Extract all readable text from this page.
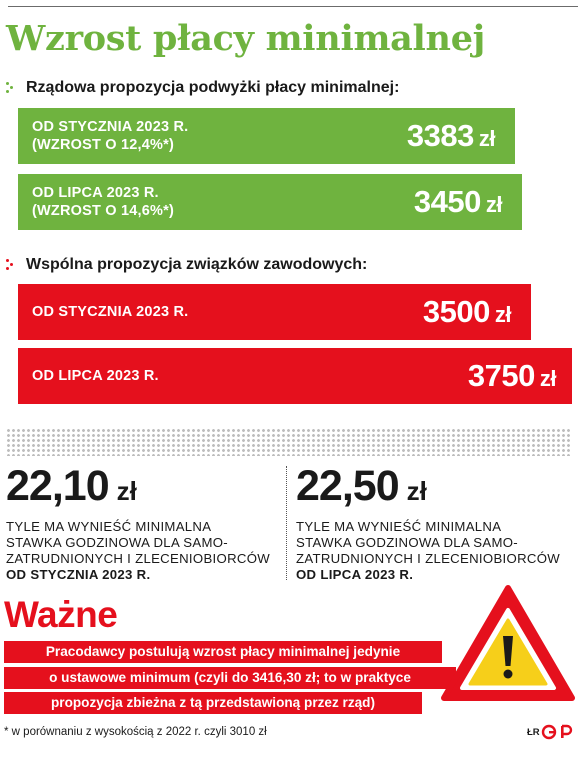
Wzrost płacy minimalnej
Rządowa propozycja podwyżki płacy minimalnej:
OD STYCZNIA 2023 R.
(WZROST O 12,4%*)	3383 zł
OD LIPCA 2023 R.
(WZROST O 14,6%*)	3450 zł
Wspólna propozycja związków zawodowych:
OD STYCZNIA 2023 R.	3500 zł
OD LIPCA 2023 R.	3750 zł
22,10 zł
TYLE MA WYNIEŚĆ MINIMALNA
STAWKA GODZINOWA DLA SAMO-
ZATRUDNIONYCH I ZLECENIOBIORCÓW
OD STYCZNIA 2023 R.
22,50 zł
TYLE MA WYNIEŚĆ MINIMALNA
STAWKA GODZINOWA DLA SAMO-
ZATRUDNIONYCH I ZLECENIOBIORCÓW
OD LIPCA 2023 R.
Ważne
Pracodawcy postulują wzrost płacy minimalnej jedynie
o ustawowe minimum (czyli do 3416,30 zł; to w praktyce
propozycja zbieżna z tą przedstawioną przez rząd)
* w porównaniu z wysokością z 2022 r. czyli 3010 zł	ŁR
